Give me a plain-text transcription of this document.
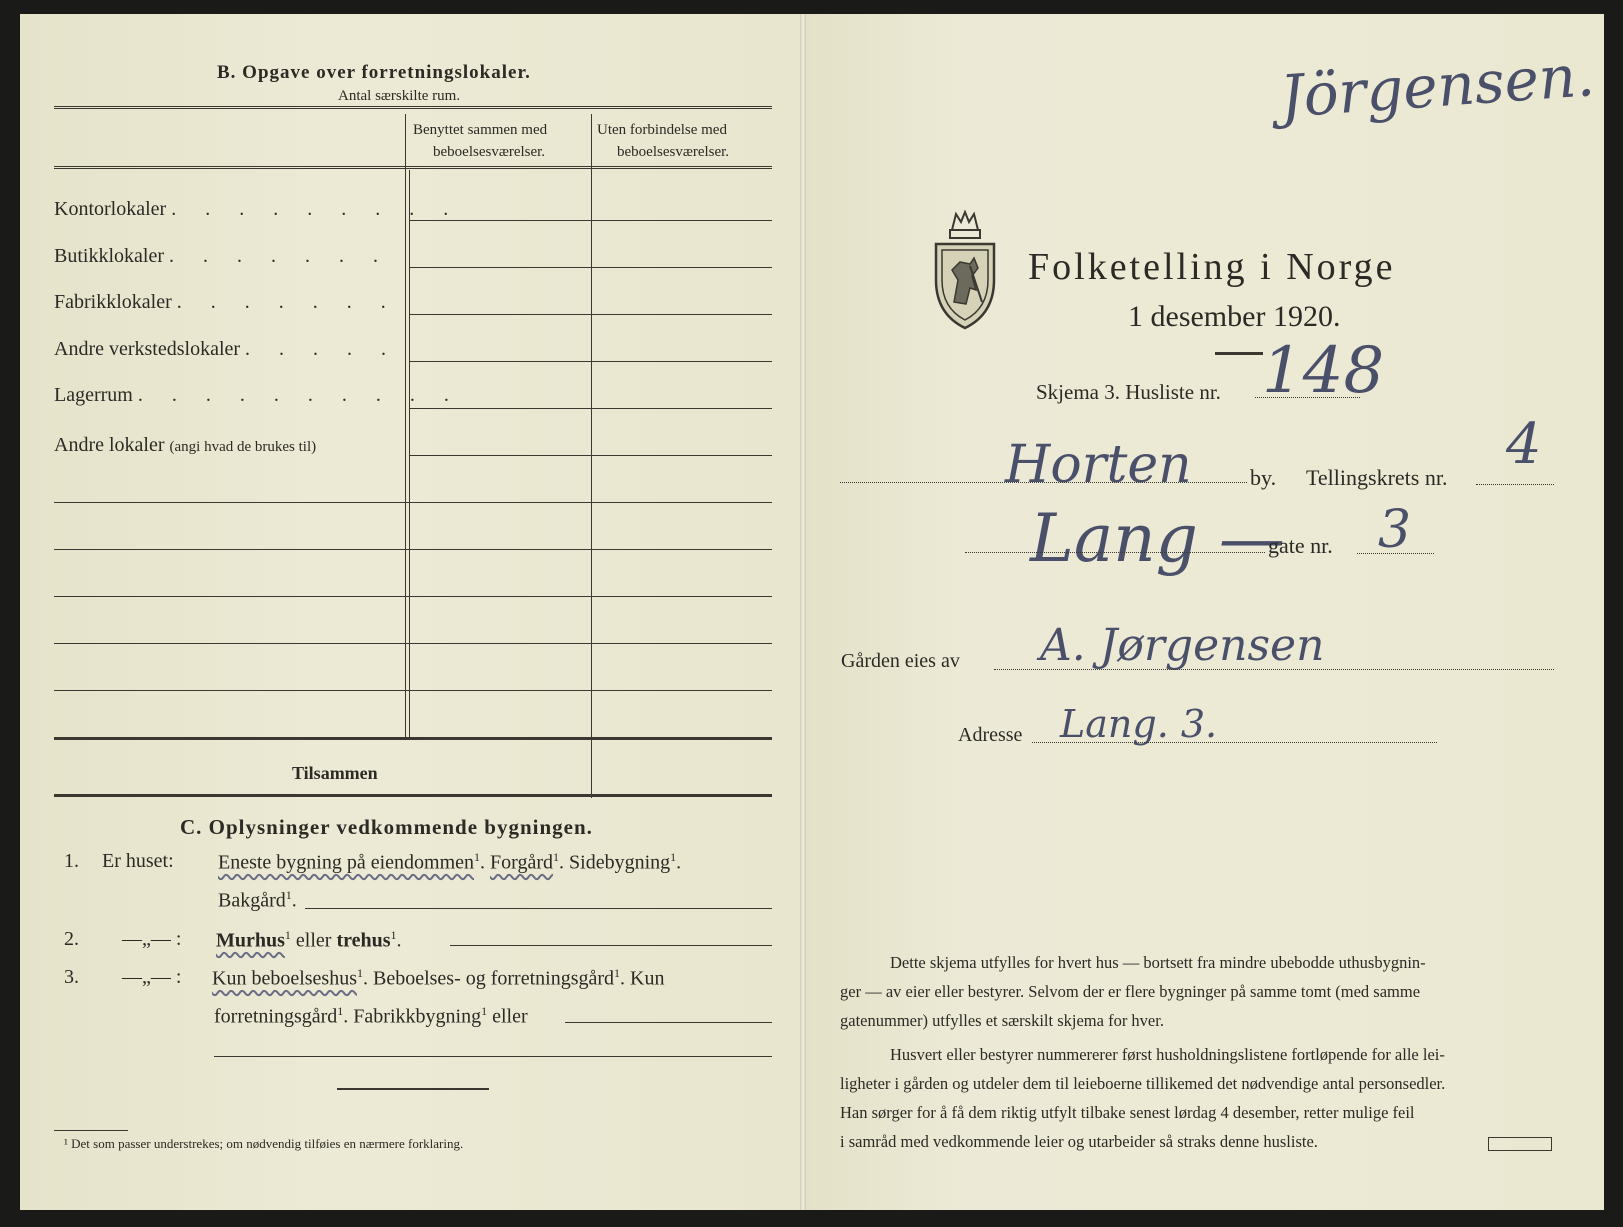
B. Opgave over forretningslokaler.
Antal særskilte rum.
Benyttet sammen med
beboelsesværelser.
Uten forbindelse med
beboelsesværelser.
Kontorlokaler . . . . . . . . .
Butikklokaler . . . . . . .
Fabrikklokaler . . . . . . .
Andre verkstedslokaler . . . . .
Lagerrum . . . . . . . . . .
Andre lokaler (angi hvad de brukes til)
Tilsammen
C. Oplysninger vedkommende bygningen.
1. Er huset: Eneste bygning på eiendommen$^1$. Forgård$^1$. Sidebygning$^1$.
Bakgård$^1$.
2. —„— : Murhus$^1$ eller trehus$^1$.
3. —„— : Kun beboelseshus$^1$. Beboelses- og forretningsgård$^1$. Kun
forretningsgård$^1$. Fabrikkbygning$^1$ eller
¹ Det som passer understrekes; om nødvendig tilføies en nærmere forklaring.
Jörgensen.
Folketelling i Norge
1 desember 1920.
Skjema 3. Husliste nr. 148
Horten	by. Tellingskrets nr.
4
Lang —
gate nr. 3
Gården eies av A. Jørgensen
Adresse Lang. 3.
Dette skjema utfylles for hvert hus — bortsett fra mindre ubebodde uthusbygnin-
ger — av eier eller bestyrer. Selvom der er flere bygninger på samme tomt (med samme
gatenummer) utfylles et særskilt skjema for hver.
Husvert eller bestyrer nummererer først husholdningslistene fortløpende for alle lei-
ligheter i gården og utdeler dem til leieboerne tillikemed det nødvendige antal personsedler.
Han sørger for å få dem riktig utfylt tilbake senest lørdag 4 desember, retter mulige feil
i samråd med vedkommende leier og utarbeider så straks denne husliste.
